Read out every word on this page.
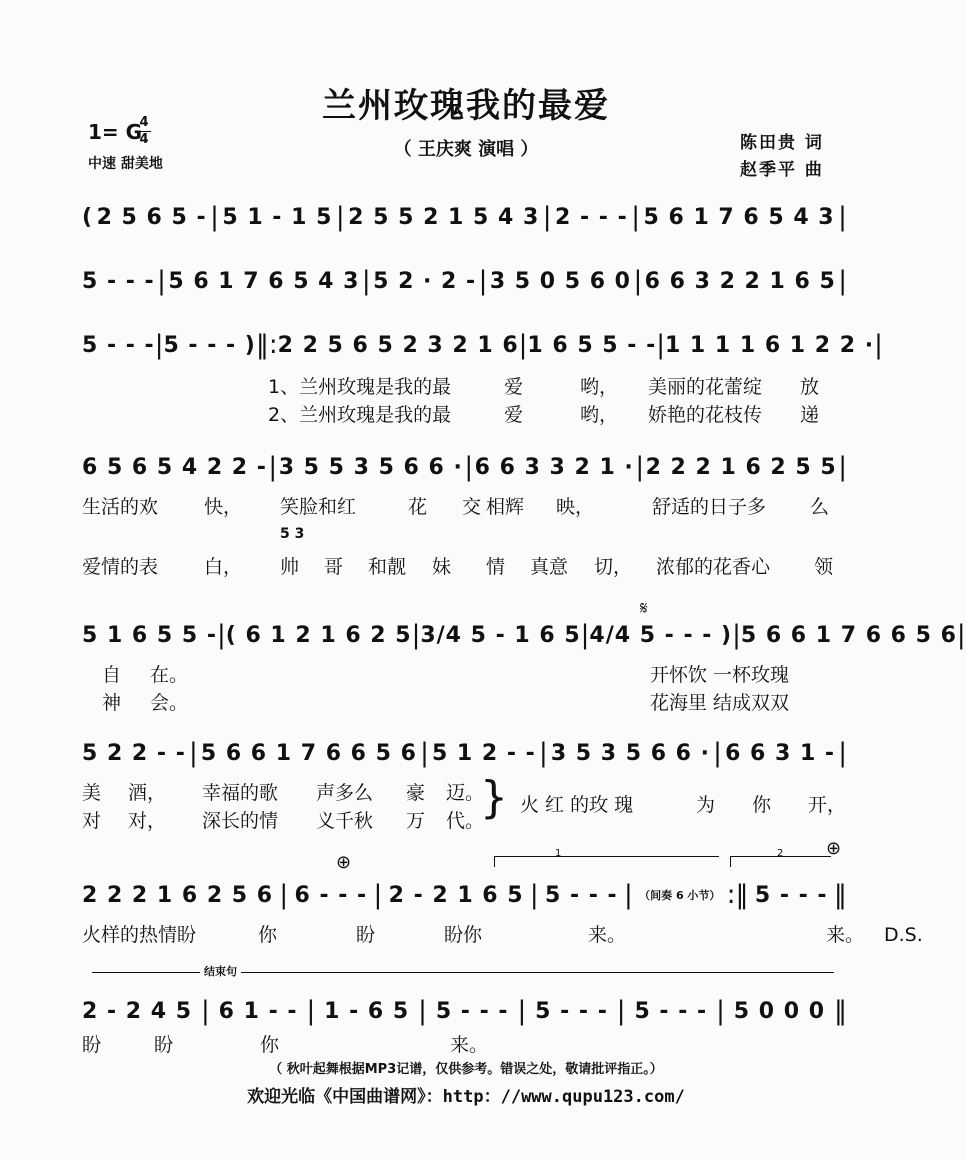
兰州玫瑰我的最爱
（ 王庆爽 演唱 ）
1= G
4
4
中速 甜美地
陈田贵 词
赵季平 曲
( 2 5 6 5 - | 5 1 - 1 5 | 2 5 5 2 1 5 4 3 | 2 - - - | 5 6 1 7 6 5 4 3 |
5 - - - | 5 6 1 7 6 5 4 3 | 5 2 · 2 - | 3 5 0 5 6 0 | 6 6 3 2 2 1 6 5 |
5 - - - | 5 - - - ) ‖: 2 2 5 6 5 2 3 2 1 6 | 1 6 5 5 - - | 1 1 1 1 6 1 2 2 · |
1、兰州玫瑰是我的最	爱	哟， 美丽的花蕾绽 放
2、兰州玫瑰是我的最	爱	哟， 娇艳的花枝传 递
6 5 6 5 4 2 2 - | 3 5 5 3 5 6 6 · | 6 6 3 3 2 1 · | 2 2 2 1 6 2 5 5 |
生活的欢 快， 笑脸和红	花 交 相辉 映，	舒适的日子多 么
5 3
爱情的表 白， 帅 哥 和靓 妹 情 真意 切， 浓郁的花香心 领
𝄋
5 1 6 5 5 - | ( 6 1 2 1 6 2 5 | 3/4 5 - 1 6 5 | 4/4 5 - - - ) | 5 6 6 1 7 6 6 5 6 |
自 在。	开怀饮 一杯玫瑰
神 会。	花海里 结成双双
5 2 2 - - | 5 6 6 1 7 6 6 5 6 | 5 1 2 - - | 3 5 3 5 6 6 · | 6 6 3 1 - |
美 酒， 幸福的歌 声多么 豪 迈。
对 对， 深长的情 义千秋 万 代。
} 火 红 的玫 瑰	为 你 开，
⊕
⊕
1	2
2 2 2 1 6 2 5 6 | 6 - - - | 2 - 2 1 6 5 | 5 - - - | （间奏 6 小节） :‖ 5 - - - ‖
火样的热情盼	你	盼	盼你	来。	来。 D.S.
结束句
2 - 2 4 5 | 6 1 - - | 1 - 6 5 | 5 - - - | 5 - - - | 5 - - - | 5 0 0 0 ‖
盼	盼	你	来。
（ 秋叶起舞根据MP3记谱，仅供参考。错误之处，敬请批评指正。）
欢迎光临《中国曲谱网》：http：//www.qupu123.com/
